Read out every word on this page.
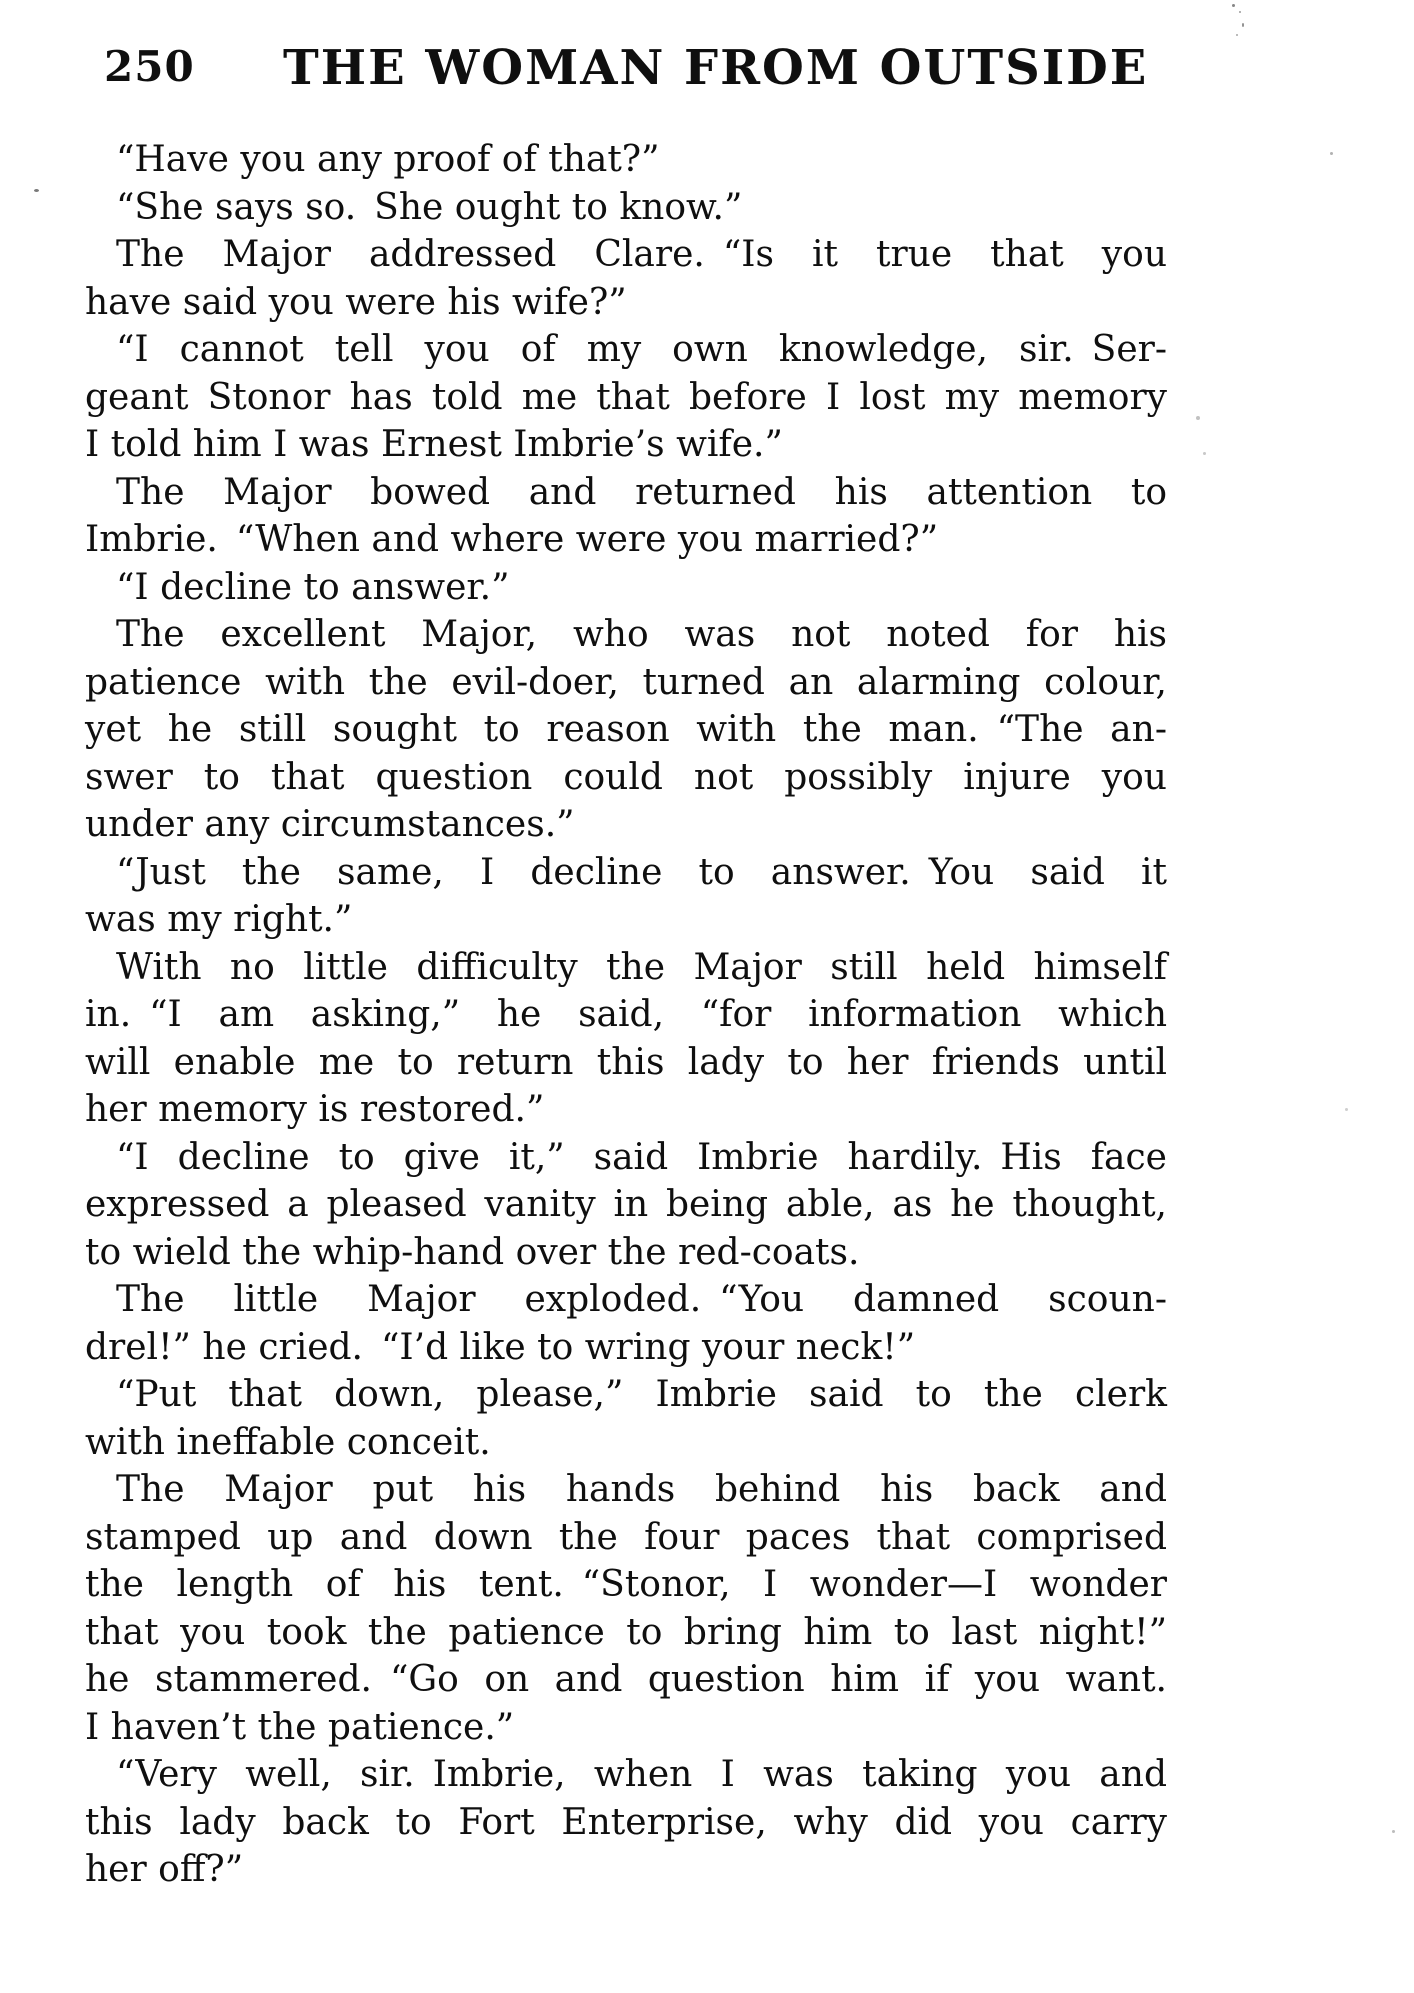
250 THE WOMAN FROM OUTSIDE
“Have you any proof of that?”
“She says so. She ought to know.”
The Major addressed Clare. “Is it true that you
have said you were his wife?”
“I cannot tell you of my own knowledge, sir. Ser-
geant Stonor has told me that before I lost my memory
I told him I was Ernest Imbrie’s wife.”
The Major bowed and returned his attention to
Imbrie. “When and where were you married?”
“I decline to answer.”
The excellent Major, who was not noted for his
patience with the evil-doer, turned an alarming colour,
yet he still sought to reason with the man. “The an-
swer to that question could not possibly injure you
under any circumstances.”
“Just the same, I decline to answer. You said it
was my right.”
With no little difficulty the Major still held himself
in. “I am asking,” he said, “for information which
will enable me to return this lady to her friends until
her memory is restored.”
“I decline to give it,” said Imbrie hardily. His face
expressed a pleased vanity in being able, as he thought,
to wield the whip-hand over the red-coats.
The little Major exploded. “You damned scoun-
drel!” he cried. “I’d like to wring your neck!”
“Put that down, please,” Imbrie said to the clerk
with ineffable conceit.
The Major put his hands behind his back and
stamped up and down the four paces that comprised
the length of his tent. “Stonor, I wonder—I wonder
that you took the patience to bring him to last night!”
he stammered. “Go on and question him if you want.
I haven’t the patience.”
“Very well, sir. Imbrie, when I was taking you and
this lady back to Fort Enterprise, why did you carry
her off?”
